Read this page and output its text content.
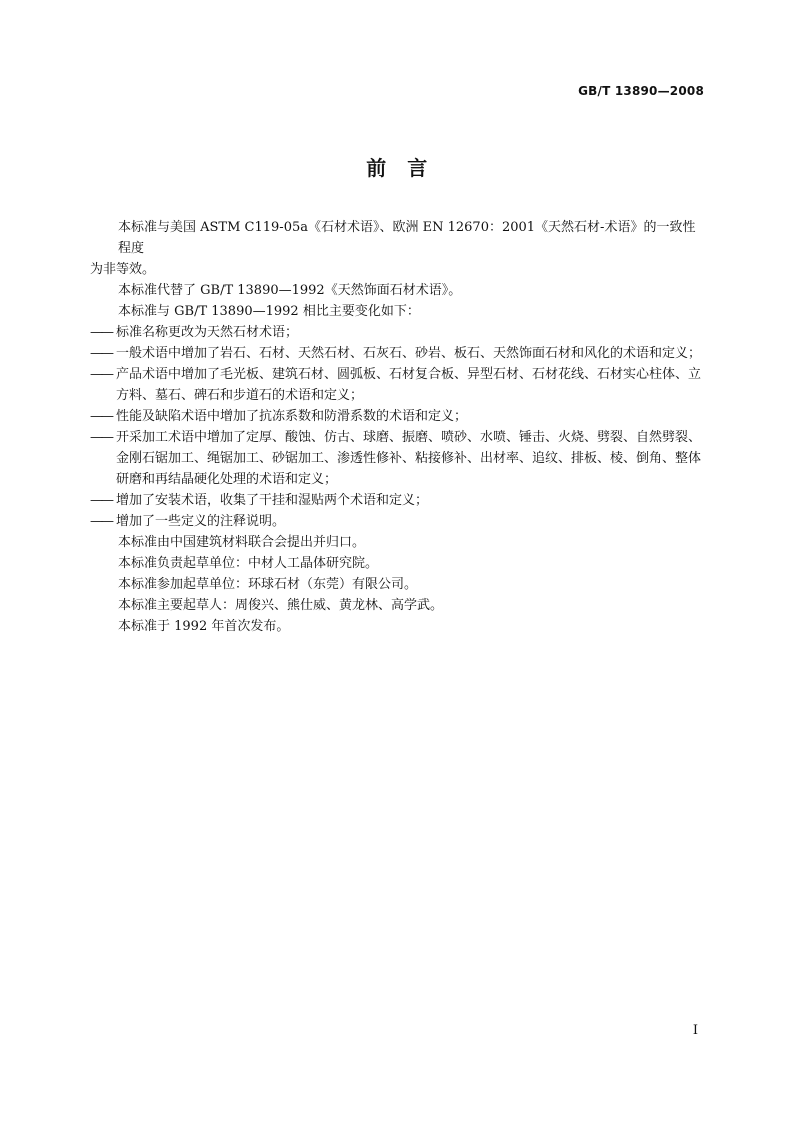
GB/T 13890—2008
前　言
本标准与美国 ASTM C119-05a《石材术语》、欧洲 EN 12670：2001《天然石材-术语》的一致性程度
为非等效。
本标准代替了 GB/T 13890—1992《天然饰面石材术语》。
本标准与 GB/T 13890—1992 相比主要变化如下：
—— 标准名称更改为天然石材术语；
—— 一般术语中增加了岩石、石材、天然石材、石灰石、砂岩、板石、天然饰面石材和风化的术语和定义；
—— 产品术语中增加了毛光板、建筑石材、圆弧板、石材复合板、异型石材、石材花线、石材实心柱体、立方料、墓石、碑石和步道石的术语和定义；
—— 性能及缺陷术语中增加了抗冻系数和防滑系数的术语和定义；
—— 开采加工术语中增加了定厚、酸蚀、仿古、球磨、振磨、喷砂、水喷、锤击、火烧、劈裂、自然劈裂、金刚石锯加工、绳锯加工、砂锯加工、渗透性修补、粘接修补、出材率、追纹、排板、棱、倒角、整体研磨和再结晶硬化处理的术语和定义；
—— 增加了安装术语，收集了干挂和湿贴两个术语和定义；
—— 增加了一些定义的注释说明。
本标准由中国建筑材料联合会提出并归口。
本标准负责起草单位：中材人工晶体研究院。
本标准参加起草单位：环球石材（东莞）有限公司。
本标准主要起草人：周俊兴、熊仕威、黄龙林、高学武。
本标准于 1992 年首次发布。
I
